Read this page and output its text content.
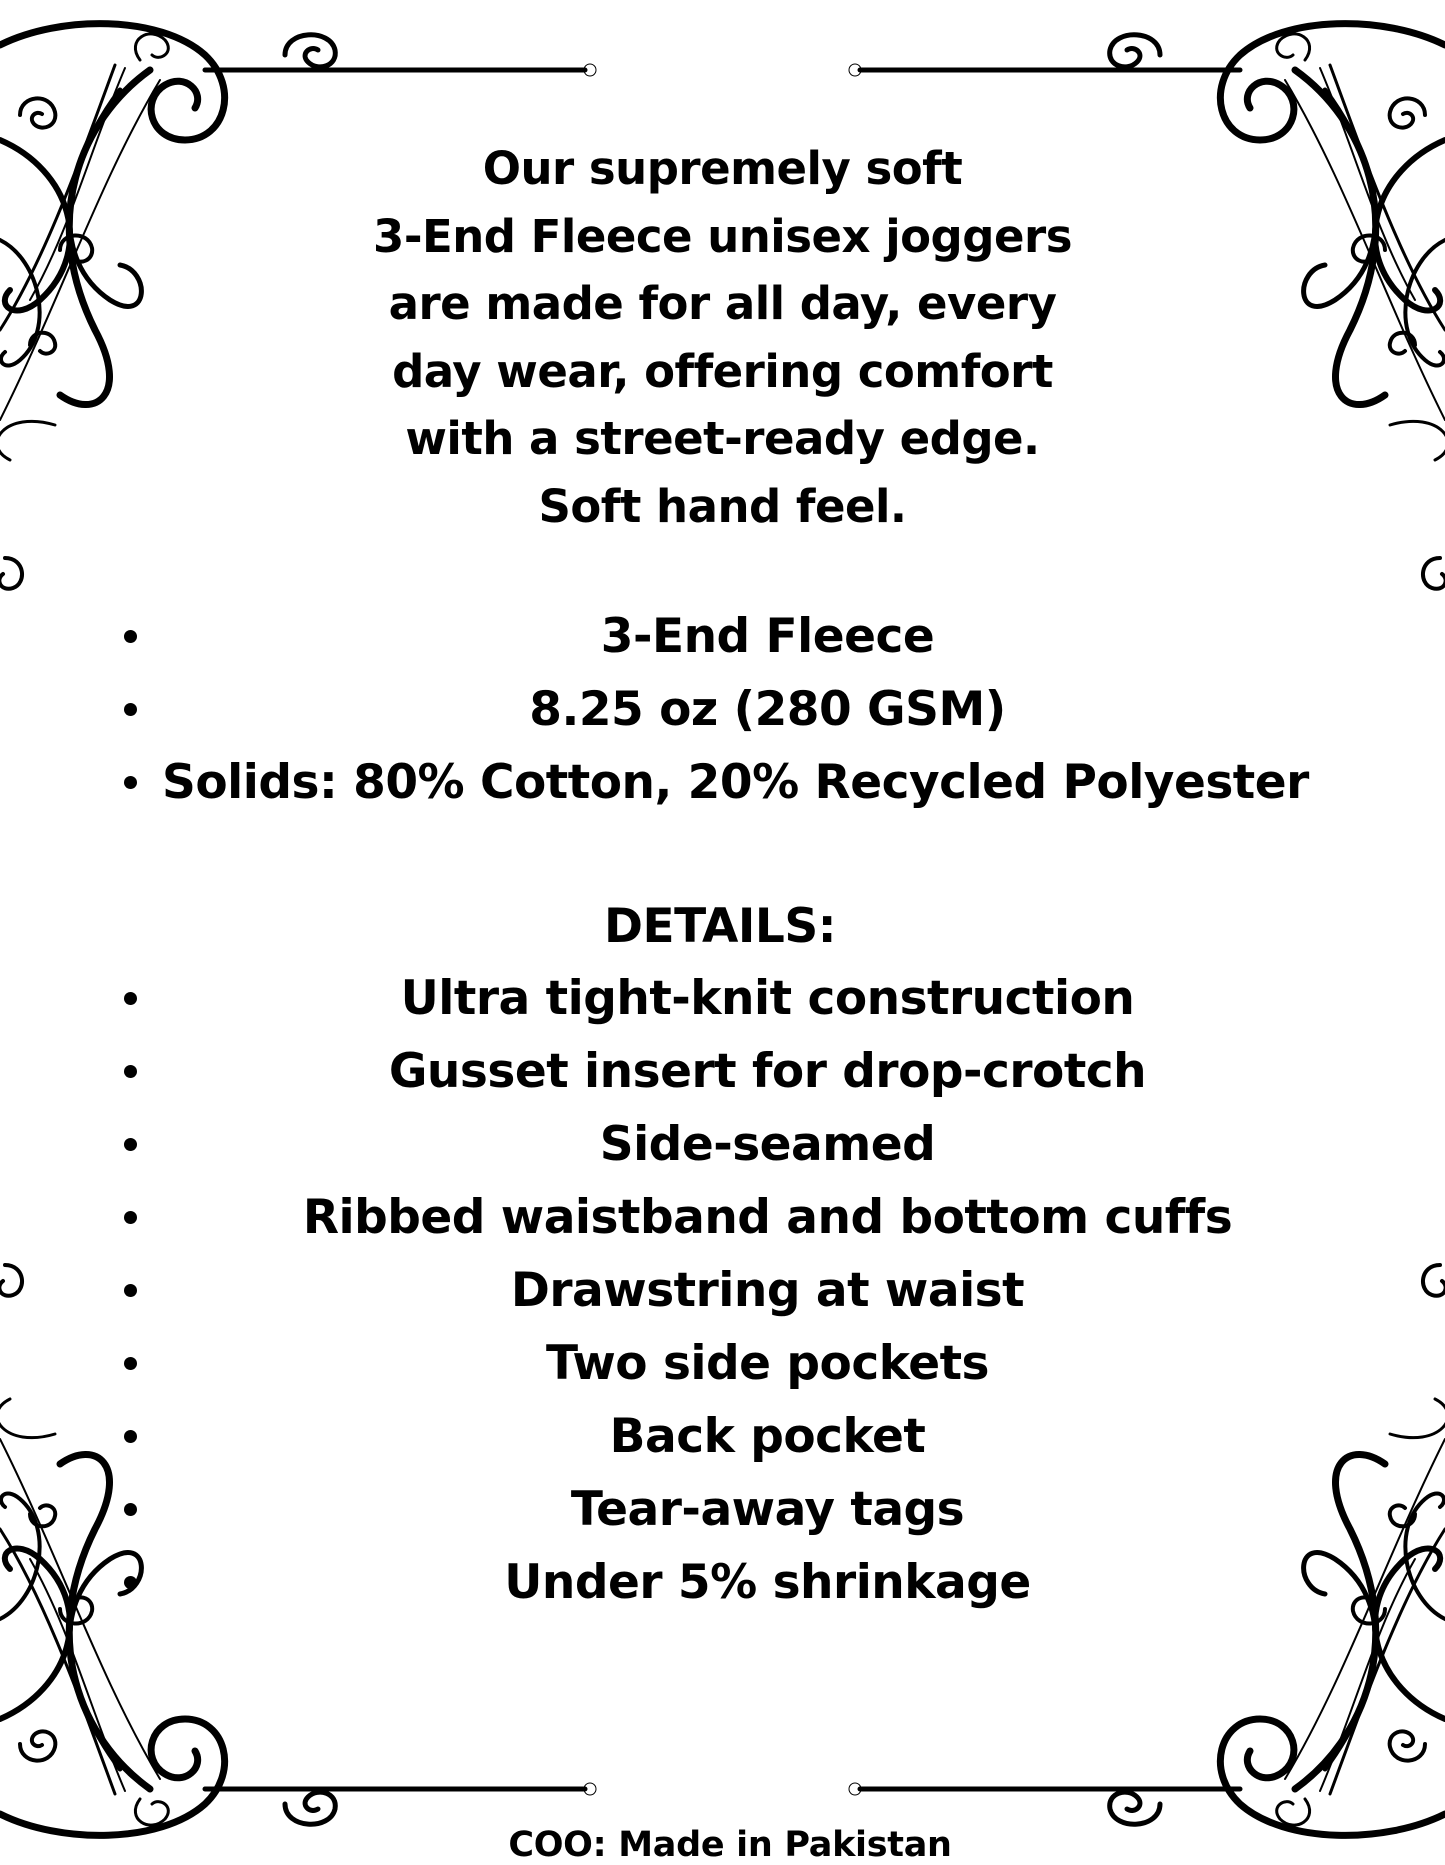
Our supremely soft
3-End Fleece unisex joggers
are made for all day, every
day wear, offering comfort
with a street-ready edge.
Soft hand feel.
3-End Fleece
8.25 oz (280 GSM)
Solids: 80% Cotton, 20% Recycled Polyester
DETAILS:
Ultra tight-knit construction
Gusset insert for drop-crotch
Side-seamed
Ribbed waistband and bottom cuffs
Drawstring at waist
Two side pockets
Back pocket
Tear-away tags
Under 5% shrinkage
COO: Made in Pakistan
